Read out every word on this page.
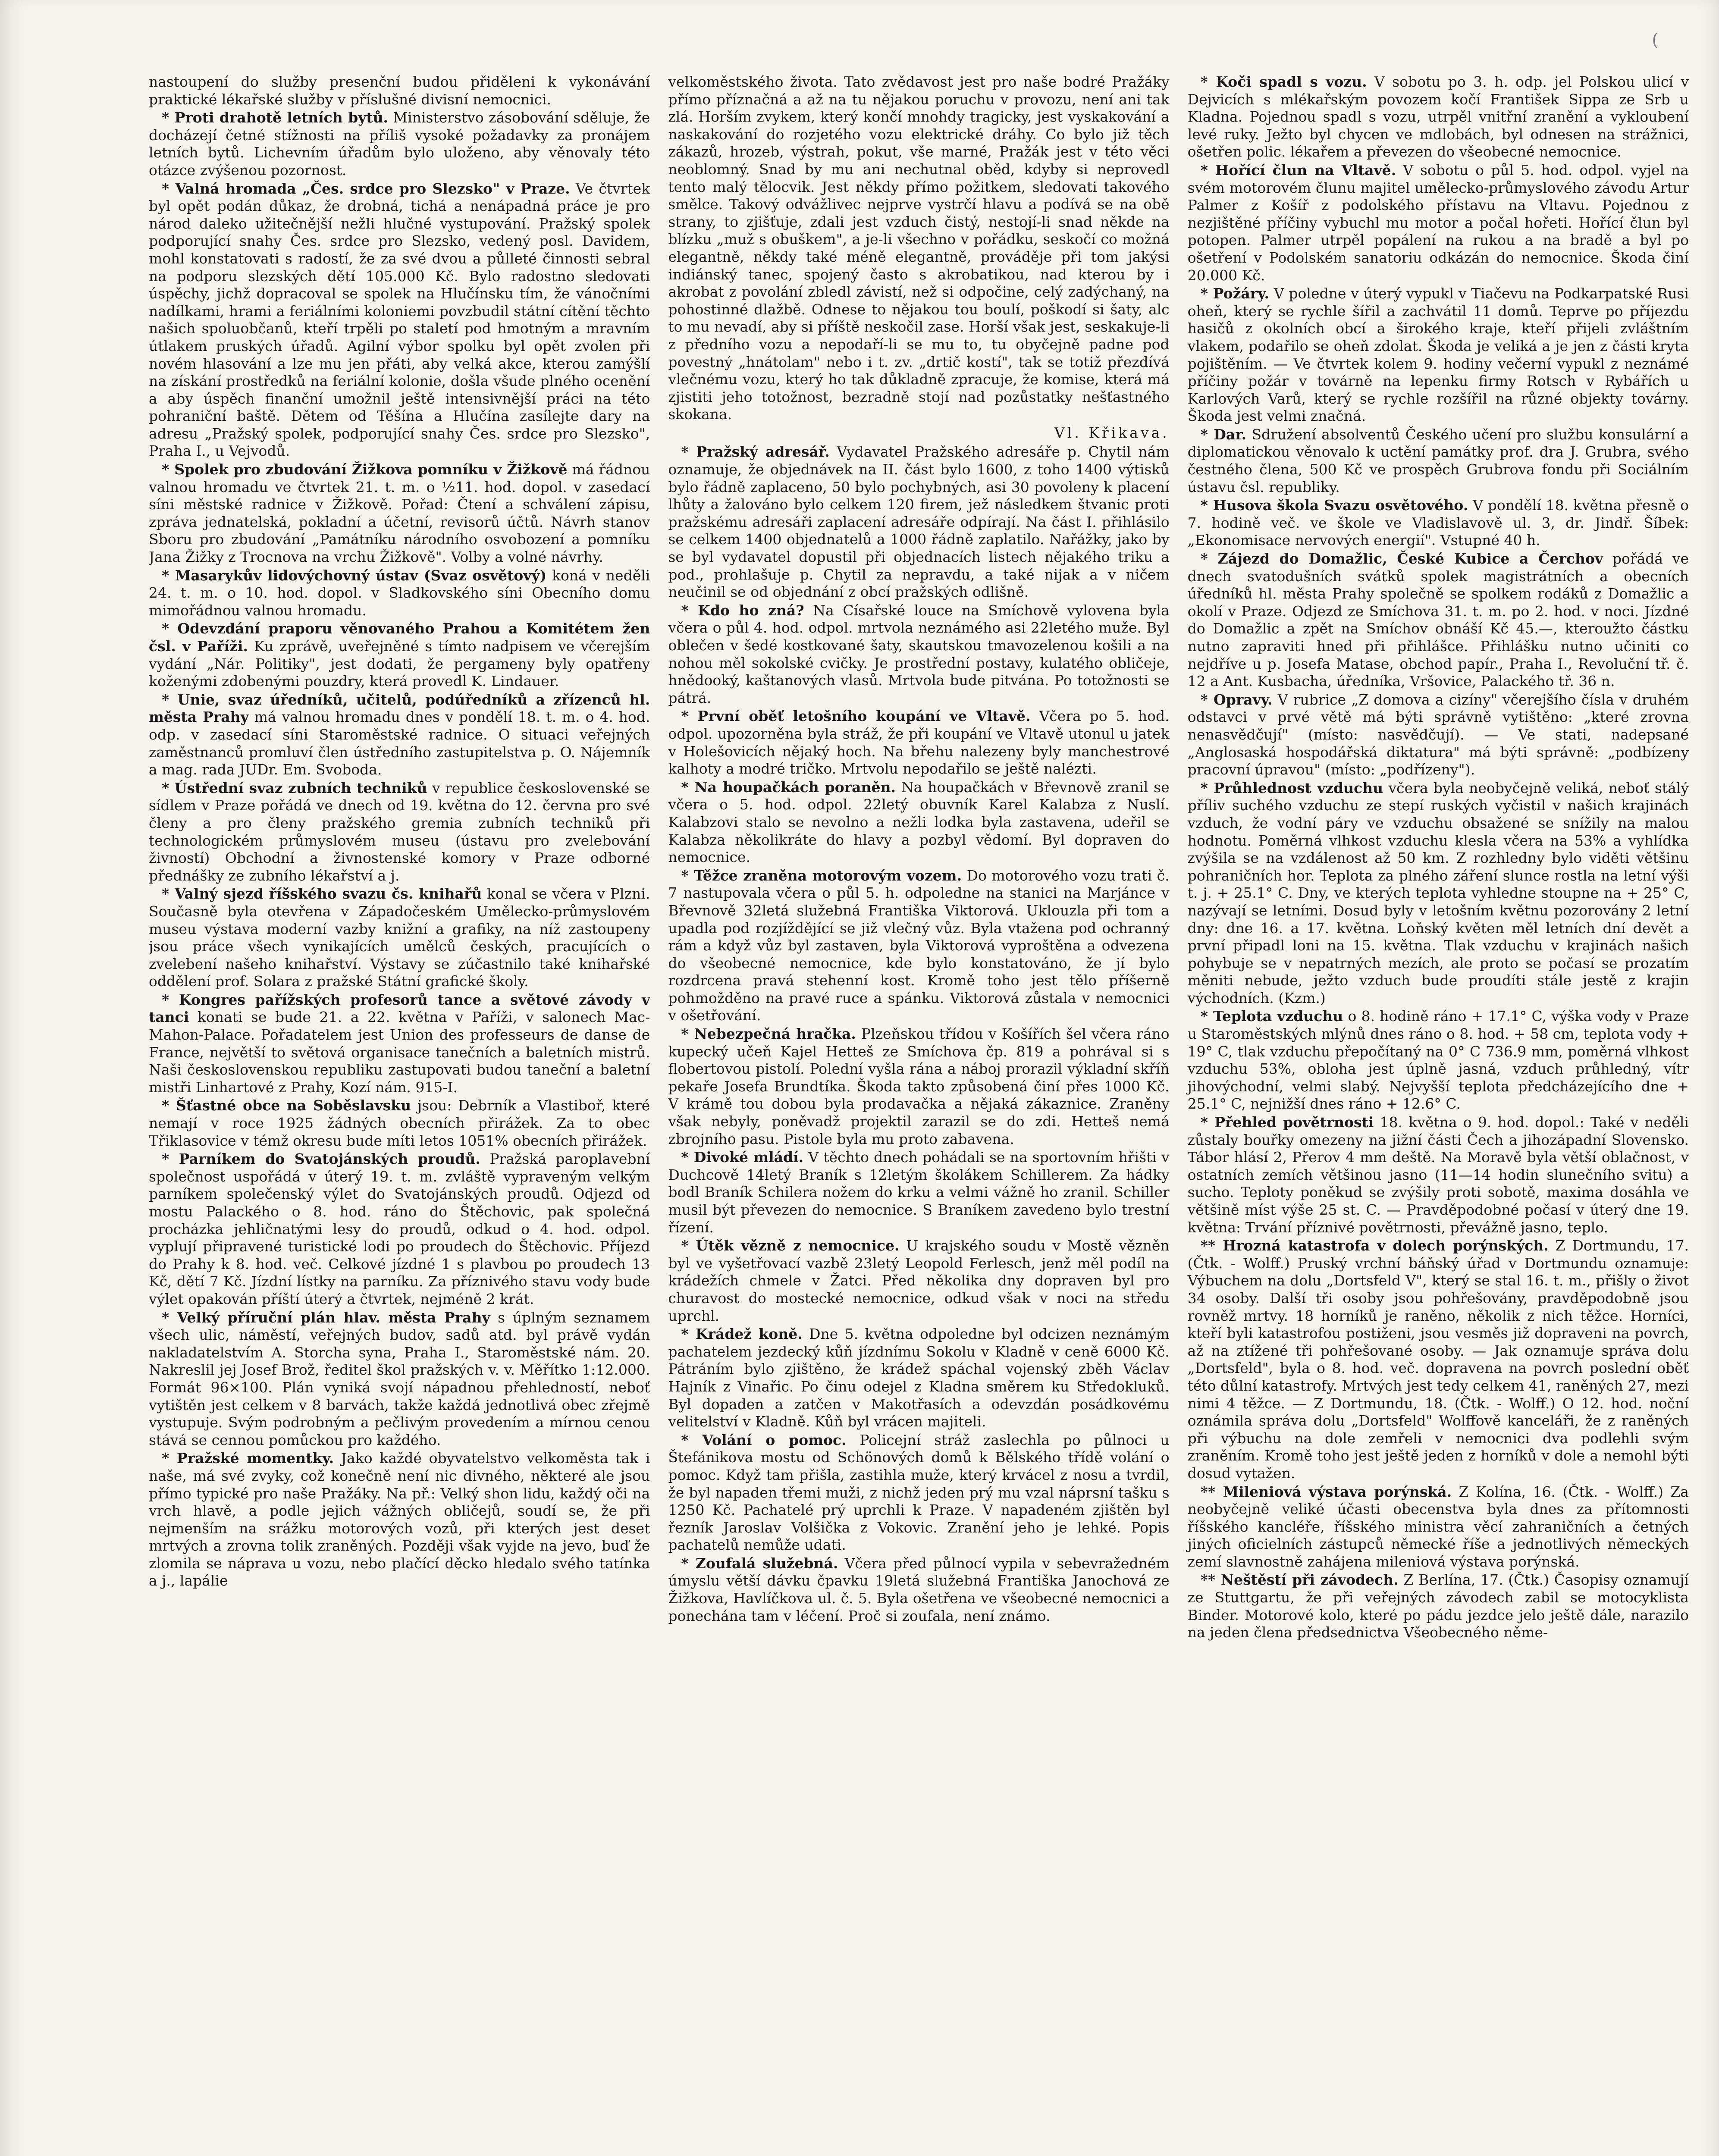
(

nastoupení do služby presenční budou přiděleni k vykonávání praktické lékařské služby v příslušné divisní nemocnici.

* Proti drahotě letních bytů. Ministerstvo zásobování sděluje, že docházejí četné stížnosti na příliš vysoké požadavky za pronájem letních bytů. Lichevním úřadům bylo uloženo, aby věnovaly této otázce zvýšenou pozornost.

* Valná hromada „Čes. srdce pro Slezsko" v Praze. Ve čtvrtek byl opět podán důkaz, že drobná, tichá a nenápadná práce je pro národ daleko užitečnější nežli hlučné vystupování. Pražský spolek podporující snahy Čes. srdce pro Slezsko, vedený posl. Davidem, mohl konstatovati s radostí, že za své dvou a půlleté činnosti sebral na podporu slezských dětí 105.000 Kč. Bylo radostno sledovati úspěchy, jichž dopracoval se spolek na Hlučínsku tím, že vánočními nadílkami, hrami a feriálními koloniemi povzbudil státní cítění těchto našich spoluobčanů, kteří trpěli po staletí pod hmotným a mravním útlakem pruských úřadů. Agilní výbor spolku byl opět zvolen při novém hlasování a lze mu jen přáti, aby velká akce, kterou zamýšlí na získání prostředků na feriální kolonie, došla všude plného ocenění a aby úspěch finanční umožnil ještě intensivnější práci na této pohraniční baště. Dětem od Těšína a Hlučína zasílejte dary na adresu „Pražský spolek, podporující snahy Čes. srdce pro Slezsko", Praha I., u Vejvodů.

* Spolek pro zbudování Žižkova pomníku v Žižkově má řádnou valnou hromadu ve čtvrtek 21. t. m. o ½11. hod. dopol. v zasedací síni městské radnice v Žižkově. Pořad: Čtení a schválení zápisu, zpráva jednatelská, pokladní a účetní, revisorů účtů. Návrh stanov Sboru pro zbudování „Památníku národního osvobození a pomníku Jana Žižky z Trocnova na vrchu Žižkově". Volby a volné návrhy.

* Masarykův lidovýchovný ústav (Svaz osvětový) koná v neděli 24. t. m. o 10. hod. dopol. v Sladkovského síni Obecního domu mimořádnou valnou hromadu.

* Odevzdání praporu věnovaného Prahou a Komitétem žen čsl. v Paříži. Ku zprávě, uveřejněné s tímto nadpisem ve včerejším vydání „Nár. Politiky", jest dodati, že pergameny byly opatřeny koženými zdobenými pouzdry, která provedl K. Lindauer.

* Unie, svaz úředníků, učitelů, podúředníků a zřízenců hl. města Prahy má valnou hromadu dnes v pondělí 18. t. m. o 4. hod. odp. v zasedací síni Staroměstské radnice. O situaci veřejných zaměstnanců promluví člen ústředního zastupitelstva p. O. Nájemník a mag. rada JUDr. Em. Svoboda.

* Ústřední svaz zubních techniků v republice československé se sídlem v Praze pořádá ve dnech od 19. května do 12. června pro své členy a pro členy pražského gremia zubních techniků při technologickém průmyslovém museu (ústavu pro zvelebování živností) Obchodní a živnostenské komory v Praze odborné přednášky ze zubního lékařství a j.

* Valný sjezd říšského svazu čs. knihařů konal se včera v Plzni. Současně byla otevřena v Západočeském Umělecko-průmyslovém museu výstava moderní vazby knižní a grafiky, na níž zastoupeny jsou práce všech vynikajících umělců českých, pracujících o zvelebení našeho knihařství. Výstavy se zúčastnilo také knihařské oddělení prof. Solara z pražské Státní grafické školy.

* Kongres pařížských profesorů tance a světové závody v tanci konati se bude 21. a 22. května v Paříži, v salonech Mac-Mahon-Palace. Pořadatelem jest Union des professeurs de danse de France, největší to světová organisace tanečních a baletních mistrů. Naši československou republiku zastupovati budou taneční a baletní mistři Linhartové z Prahy, Kozí nám. 915-I.

* Šťastné obce na Soběslavsku jsou: Debrník a Vlastiboř, které nemají v roce 1925 žádných obecních přirážek. Za to obec Třiklasovice v témž okresu bude míti letos 1051% obecních přirážek.

* Parníkem do Svatojánských proudů. Pražská paroplavební společnost uspořádá v úterý 19. t. m. zvláště vypraveným velkým parníkem společenský výlet do Svatojánských proudů. Odjezd od mostu Palackého o 8. hod. ráno do Štěchovic, pak společná procházka jehličnatými lesy do proudů, odkud o 4. hod. odpol. vyplují připravené turistické lodi po proudech do Štěchovic. Příjezd do Prahy k 8. hod. več. Celkové jízdné 1 s plavbou po proudech 13 Kč, dětí 7 Kč. Jízdní lístky na parníku. Za příznivého stavu vody bude výlet opakován příští úterý a čtvrtek, nejméně 2 krát.

* Velký příruční plán hlav. města Prahy s úplným seznamem všech ulic, náměstí, veřejných budov, sadů atd. byl právě vydán nakladatelstvím A. Storcha syna, Praha I., Staroměstské nám. 20. Nakreslil jej Josef Brož, ředitel škol pražských v. v. Měřítko 1:12.000. Formát 96×100. Plán vyniká svojí nápadnou přehledností, neboť vytištěn jest celkem v 8 barvách, takže každá jednotlivá obec zřejmě vystupuje. Svým podrobným a pečlivým provedením a mírnou cenou stává se cennou pomůckou pro každého.

* Pražské momentky. Jako každé obyvatelstvo velkoměsta tak i naše, má své zvyky, což konečně není nic divného, některé ale jsou přímo typické pro naše Pražáky. Na př.: Velký shon lidu, každý oči na vrch hlavě, a podle jejich vážných obličejů, soudí se, že při nejmenším na srážku motorových vozů, při kterých jest deset mrtvých a zrovna tolik zraněných. Později však vyjde na jevo, buď že zlomila se náprava u vozu, nebo plačící děcko hledalo svého tatínka a j., lapálie

velkoměstského života. Tato zvědavost jest pro naše bodré Pražáky přímo příznačná a až na tu nějakou poruchu v provozu, není ani tak zlá. Horším zvykem, který končí mnohdy tragicky, jest vyskakování a naskakování do rozjetého vozu elektrické dráhy. Co bylo již těch zákazů, hrozeb, výstrah, pokut, vše marné, Pražák jest v této věci neoblomný. Snad by mu ani nechutnal oběd, kdyby si neprovedl tento malý tělocvik. Jest někdy přímo požitkem, sledovati takového smělce. Takový odvážlivec nejprve vystrčí hlavu a podívá se na obě strany, to zjišťuje, zdali jest vzduch čistý, nestojí-li snad někde na blízku „muž s obuškem", a je-li všechno v pořádku, seskočí co možná elegantně, někdy také méně elegantně, prováděje při tom jakýsi indiánský tanec, spojený často s akrobatikou, nad kterou by i akrobat z povolání zbledl závistí, než si odpočine, celý zadýchaný, na pohostinné dlažbě. Odnese to nějakou tou boulí, poškodí si šaty, alc to mu nevadí, aby si příště neskočil zase. Horší však jest, seskakuje-li z předního vozu a nepodaří-li se mu to, tu obyčejně padne pod povestný „hnátolam" nebo i t. zv. „drtič kostí", tak se totiž přezdívá vlečnému vozu, který ho tak důkladně zpracuje, že komise, která má zjistiti jeho totožnost, bezradně stojí nad pozůstatky nešťastného skokana.

Vl. Křikava.

* Pražský adresář. Vydavatel Pražského adresáře p. Chytil nám oznamuje, že objednávek na II. část bylo 1600, z toho 1400 výtisků bylo řádně zaplaceno, 50 bylo pochybných, asi 30 povoleny k placení lhůty a žalováno bylo celkem 120 firem, jež následkem štvanic proti pražskému adresáři zaplacení adresáře odpírají. Na část I. přihlásilo se celkem 1400 objednatelů a 1000 řádně zaplatilo. Nařážky, jako by se byl vydavatel dopustil při objednacích listech nějakého triku a pod., prohlašuje p. Chytil za nepravdu, a také nijak a v ničem neučinil se od objednání z obcí pražských odlišně.

* Kdo ho zná? Na Císařské louce na Smíchově vylovena byla včera o půl 4. hod. odpol. mrtvola neznámého asi 22letého muže. Byl oblečen v šedé kostkované šaty, skautskou tmavozelenou košili a na nohou měl sokolské cvičky. Je prostřední postavy, kulatého obličeje, hnědooký, kaštanových vlasů. Mrtvola bude pitvána. Po totožnosti se pátrá.

* První oběť letošního koupání ve Vltavě. Včera po 5. hod. odpol. upozorněna byla stráž, že při koupání ve Vltavě utonul u jatek v Holešovicích nějaký hoch. Na břehu nalezeny byly manchestrové kalhoty a modré tričko. Mrtvolu nepodařilo se ještě nalézti.

* Na houpačkách poraněn. Na houpačkách v Břevnově zranil se včera o 5. hod. odpol. 22letý obuvník Karel Kalabza z Nuslí. Kalabzovi stalo se nevolno a nežli lodka byla zastavena, udeřil se Kalabza několikráte do hlavy a pozbyl vědomí. Byl dopraven do nemocnice.

* Těžce zraněna motorovým vozem. Do motorového vozu trati č. 7 nastupovala včera o půl 5. h. odpoledne na stanici na Marjánce v Břevnově 32letá služebná Františka Viktorová. Uklouzla při tom a upadla pod rozjíždějící se již vlečný vůz. Byla vtažena pod ochranný rám a když vůz byl zastaven, byla Viktorová vyproštěna a odvezena do všeobecné nemocnice, kde bylo konstatováno, že jí bylo rozdrcena pravá stehenní kost. Kromě toho jest tělo příšerně pohmožděno na pravé ruce a spánku. Viktorová zůstala v nemocnici v ošetřování.

* Nebezpečná hračka. Plzeňskou třídou v Košířích šel včera ráno kupecký učeň Kajel Hetteš ze Smíchova čp. 819 a pohrával si s flobertovou pistolí. Polední vyšla rána a náboj prorazil výkladní skříň pekaře Josefa Brundtíka. Škoda takto způsobená činí přes 1000 Kč. V krámě tou dobou byla prodavačka a nějaká zákaznice. Zraněny však nebyly, poněvadž projektil zarazil se do zdi. Hetteš nemá zbrojního pasu. Pistole byla mu proto zabavena.

* Divoké mládí. V těchto dnech pohádali se na sportovním hřišti v Duchcově 14letý Braník s 12letým školákem Schillerem. Za hádky bodl Braník Schilera nožem do krku a velmi vážně ho zranil. Schiller musil být převezen do nemocnice. S Braníkem zavedeno bylo trestní řízení.

* Útěk vězně z nemocnice. U krajského soudu v Mostě vězněn byl ve vyšetřovací vazbě 23letý Leopold Ferlesch, jenž měl podíl na krádežích chmele v Žatci. Před několika dny dopraven byl pro churavost do mostecké nemocnice, odkud však v noci na středu uprchl.

* Krádež koně. Dne 5. května odpoledne byl odcizen neznámým pachatelem jezdecký kůň jízdnímu Sokolu v Kladně v ceně 6000 Kč. Pátráním bylo zjištěno, že krádež spáchal vojenský zběh Václav Hajník z Vinařic. Po činu odejel z Kladna směrem ku Středokluků. Byl dopaden a zatčen v Makotřasích a odevzdán posádkovému velitelství v Kladně. Kůň byl vrácen majiteli.

* Volání o pomoc. Policejní stráž zaslechla po půlnoci u Štefánikova mostu od Schönových domů k Bělského třídě volání o pomoc. Když tam přišla, zastihla muže, který krvácel z nosu a tvrdil, že byl napaden třemi muži, z nichž jeden prý mu vzal náprsní tašku s 1250 Kč. Pachatelé prý uprchli k Praze. V napadeném zjištěn byl řezník Jaroslav Volšička z Vokovic. Zranění jeho je lehké. Popis pachatelů nemůže udati.

* Zoufalá služebná. Včera před půlnocí vypila v sebevražedném úmyslu větší dávku čpavku 19letá služebná Františka Janochová ze Žižkova, Havlíčkova ul. č. 5. Byla ošetřena ve všeobecné nemocnici a ponechána tam v léčení. Proč si zoufala, není známo.

* Koči spadl s vozu. V sobotu po 3. h. odp. jel Polskou ulicí v Dejvicích s mlékařským povozem kočí František Sippa ze Srb u Kladna. Pojednou spadl s vozu, utrpěl vnitřní zranění a vykloubení levé ruky. Ježto byl chycen ve mdlobách, byl odnesen na strážnici, ošetřen polic. lékařem a převezen do všeobecné nemocnice.

* Hořící člun na Vltavě. V sobotu o půl 5. hod. odpol. vyjel na svém motorovém člunu majitel umělecko-průmyslového závodu Artur Palmer z Košíř z podolského přístavu na Vltavu. Pojednou z nezjištěné příčiny vybuchl mu motor a počal hořeti. Hořící člun byl potopen. Palmer utrpěl popálení na rukou a na bradě a byl po ošetření v Podolském sanatoriu odkázán do nemocnice. Škoda činí 20.000 Kč.

* Požáry. V poledne v úterý vypukl v Tiačevu na Podkarpatské Rusi oheň, který se rychle šířil a zachvátil 11 domů. Teprve po příjezdu hasičů z okolních obcí a širokého kraje, kteří přijeli zvláštním vlakem, podařilo se oheň zdolat. Škoda je veliká a je jen z části kryta pojištěním. — Ve čtvrtek kolem 9. hodiny večerní vypukl z neznámé příčiny požár v továrně na lepenku firmy Rotsch v Rybářích u Karlových Varů, který se rychle rozšířil na různé objekty továrny. Škoda jest velmi značná.

* Dar. Sdružení absolventů Českého učení pro službu konsulární a diplomatickou věnovalo k uctění památky prof. dra J. Grubra, svého čestného člena, 500 Kč ve prospěch Grubrova fondu při Sociálním ústavu čsl. republiky.

* Husova škola Svazu osvětového. V pondělí 18. května přesně o 7. hodině več. ve škole ve Vladislavově ul. 3, dr. Jindř. Šíbek: „Ekonomisace nervových energií". Vstupné 40 h.

* Zájezd do Domažlic, České Kubice a Čerchov pořádá ve dnech svatodušních svátků spolek magistrátních a obecních úředníků hl. města Prahy společně se spolkem rodáků z Domažlic a okolí v Praze. Odjezd ze Smíchova 31. t. m. po 2. hod. v noci. Jízdné do Domažlic a zpět na Smíchov obnáší Kč 45.—, kteroužto částku nutno zapraviti hned při přihlášce. Přihlášku nutno učiniti co nejdříve u p. Josefa Matase, obchod papír., Praha I., Revoluční tř. č. 12 a Ant. Kusbacha, úředníka, Vršovice, Palackého tř. 36 n.

* Opravy. V rubrice „Z domova a cizíny" včerejšího čísla v druhém odstavci v prvé větě má býti správně vytištěno: „které zrovna nenasvědčují" (místo: nasvědčují). — Ve stati, nadepsané „Anglosaská hospodářská diktatura" má býti správně: „podbízeny pracovní úpravou" (místo: „podřízeny").

* Průhlednost vzduchu včera byla neobyčejně veliká, neboť stálý příliv suchého vzduchu ze stepí ruských vyčistil v našich krajinách vzduch, že vodní páry ve vzduchu obsažené se snížily na malou hodnotu. Poměrná vlhkost vzduchu klesla včera na 53% a vyhlídka zvýšila se na vzdálenost až 50 km. Z rozhledny bylo viděti většinu pohraničních hor. Teplota za plného záření slunce rostla na letní výši t. j. + 25.1° C. Dny, ve kterých teplota vyhledne stoupne na + 25° C, nazývají se letními. Dosud byly v letošním květnu pozorovány 2 letní dny: dne 16. a 17. května. Loňský květen měl letních dní devět a první připadl loni na 15. května. Tlak vzduchu v krajinách našich pohybuje se v nepatrných mezích, ale proto se počasí se prozatím měniti nebude, ježto vzduch bude proudíti stále jestě z krajin východních. (Kzm.)

* Teplota vzduchu o 8. hodině ráno + 17.1° C, výška vody v Praze u Staroměstských mlýnů dnes ráno o 8. hod. + 58 cm, teplota vody + 19° C, tlak vzduchu přepočítaný na 0° C 736.9 mm, poměrná vlhkost vzduchu 53%, obloha jest úplně jasná, vzduch průhledný, vítr jihovýchodní, velmi slabý. Nejvyšší teplota předcházejícího dne + 25.1° C, nejnižší dnes ráno + 12.6° C.

* Přehled povětrnosti 18. května o 9. hod. dopol.: Také v neděli zůstaly bouřky omezeny na jižní části Čech a jihozápadní Slovensko. Tábor hlásí 2, Přerov 4 mm deště. Na Moravě byla větší oblačnost, v ostatních zemích většinou jasno (11—14 hodin slunečního svitu) a sucho. Teploty poněkud se zvýšily proti sobotě, maxima dosáhla ve většině míst výše 25 st. C. — Pravděpodobné počasí v úterý dne 19. května: Trvání příznivé povětrnosti, převážně jasno, teplo.

** Hrozná katastrofa v dolech porýnských. Z Dortmundu, 17. (Čtk. - Wolff.) Pruský vrchní báňský úřad v Dortmundu oznamuje: Výbuchem na dolu „Dortsfeld V", který se stal 16. t. m., přišly o život 34 osoby. Další tři osoby jsou pohřešovány, pravděpodobně jsou rovněž mrtvy. 18 horníků je raněno, několik z nich těžce. Horníci, kteří byli katastrofou postiženi, jsou vesměs již dopraveni na povrch, až na ztížené tři pohřešované osoby. — Jak oznamuje správa dolu „Dortsfeld", byla o 8. hod. več. dopravena na povrch poslední oběť této důlní katastrofy. Mrtvých jest tedy celkem 41, raněných 27, mezi nimi 4 těžce. — Z Dortmundu, 18. (Čtk. - Wolff.) O 12. hod. noční oznámila správa dolu „Dortsfeld" Wolffově kanceláři, že z raněných při výbuchu na dole zemřeli v nemocnici dva podlehli svým zraněním. Kromě toho jest ještě jeden z horníků v dole a nemohl býti dosud vytažen.

** Mileniová výstava porýnská. Z Kolína, 16. (Čtk. - Wolff.) Za neobyčejně veliké účasti obecenstva byla dnes za přítomnosti říšského kancléře, říšského ministra věcí zahraničních a četných jiných oficielních zástupců německé říše a jednotlivých německých zemí slavnostně zahájena mileniová výstava porýnská.

** Neštěstí při závodech. Z Berlína, 17. (Čtk.) Časopisy oznamují ze Stuttgartu, že při veřejných závodech zabil se motocyklista Binder. Motorové kolo, které po pádu jezdce jelo ještě dále, narazilo na jeden člena předsednictva Všeobecného něme-
